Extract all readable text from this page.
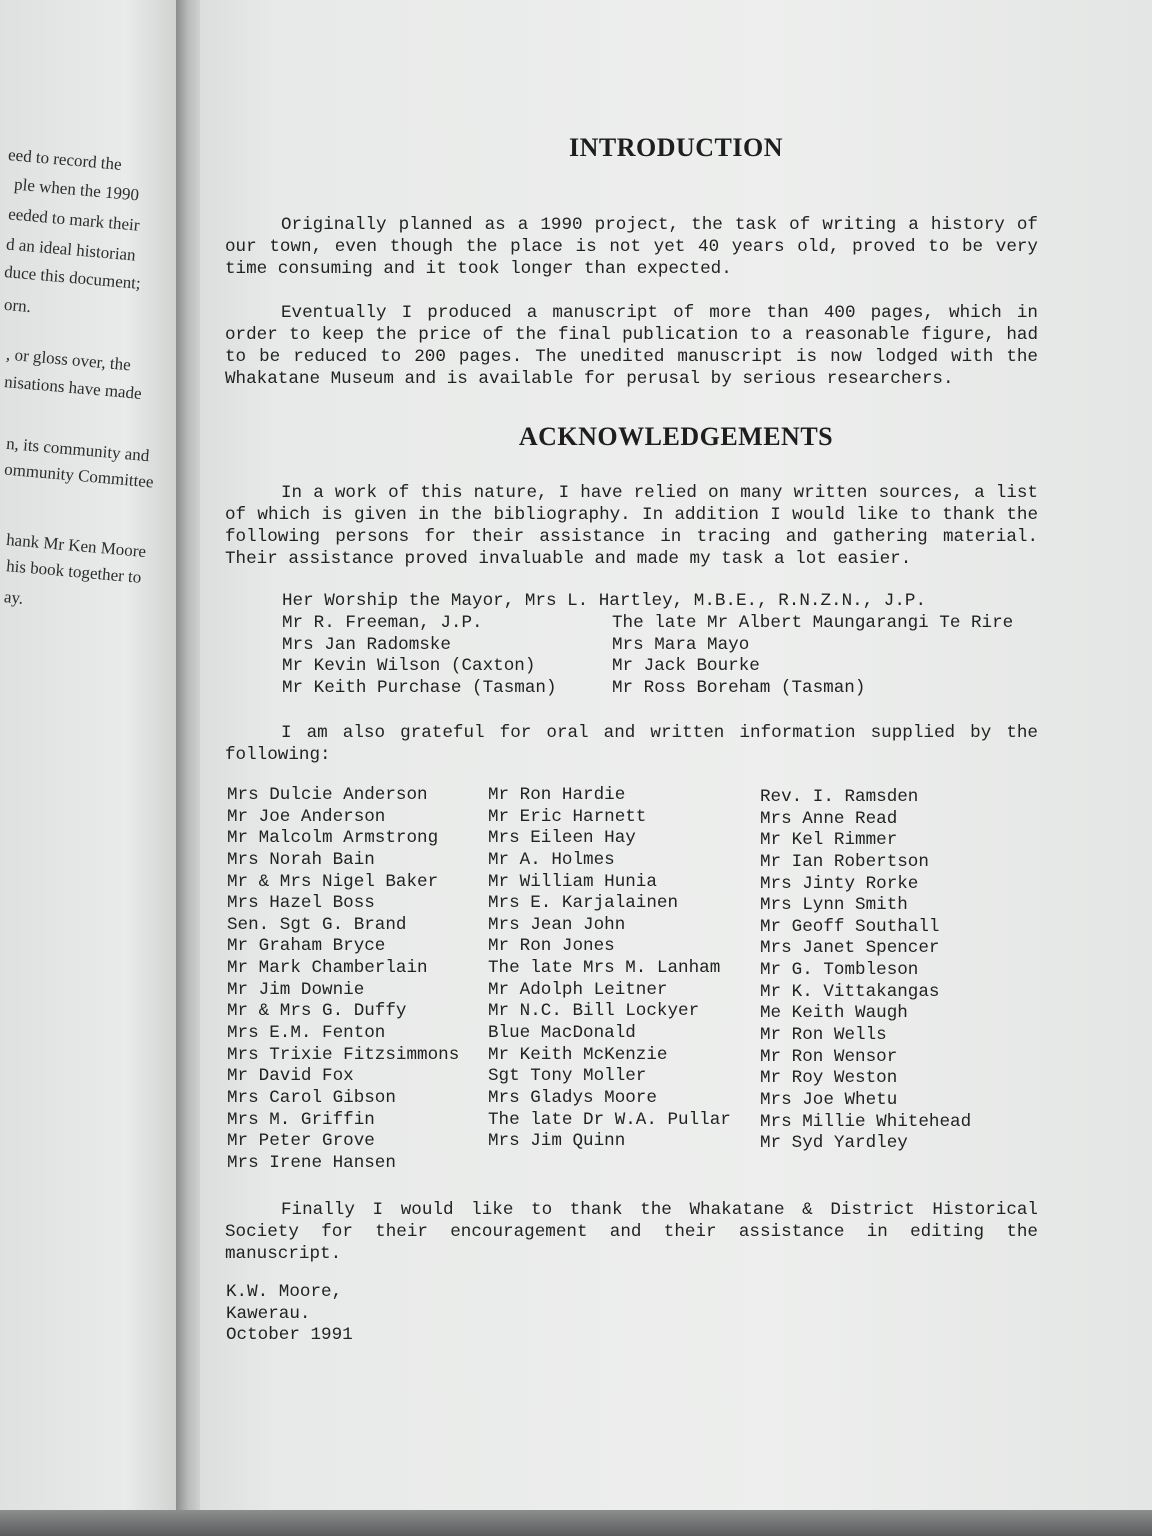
eed to record the
ple when the 1990
eeded to mark their
d an ideal historian
duce this document;
orn.
, or gloss over, the
nisations have made
n, its community and
ommunity Committee
hank Mr Ken Moore
his book together to
ay.
INTRODUCTION

Originally planned as a 1990 project, the task of writing a history of our town, even though the place is not yet 40 years old, proved to be very time consuming and it took longer than expected.

Eventually I produced a manuscript of more than 400 pages, which in order to keep the price of the final publication to a reasonable figure, had to be reduced to 200 pages. The unedited manuscript is now lodged with the Whakatane Museum and is available for perusal by serious researchers.

ACKNOWLEDGEMENTS

In a work of this nature, I have relied on many written sources, a list of which is given in the bibliography. In addition I would like to thank the following persons for their assistance in tracing and gathering material. Their assistance proved invaluable and made my task a lot easier.

Her Worship the Mayor, Mrs L. Hartley, M.B.E., R.N.Z.N., J.P.

Mr R. Freeman, J.P.
Mrs Jan Radomske
Mr Kevin Wilson (Caxton)
Mr Keith Purchase (Tasman)
The late Mr Albert Maungarangi Te Rire
Mrs Mara Mayo
Mr Jack Bourke
Mr Ross Boreham (Tasman)

I am also grateful for oral and written information supplied by the following:

Mrs Dulcie Anderson
Mr Joe Anderson
Mr Malcolm Armstrong
Mrs Norah Bain
Mr & Mrs Nigel Baker
Mrs Hazel Boss
Sen. Sgt G. Brand
Mr Graham Bryce
Mr Mark Chamberlain
Mr Jim Downie
Mr & Mrs G. Duffy
Mrs E.M. Fenton
Mrs Trixie Fitzsimmons
Mr David Fox
Mrs Carol Gibson
Mrs M. Griffin
Mr Peter Grove
Mrs Irene Hansen
Mr Ron Hardie
Mr Eric Harnett
Mrs Eileen Hay
Mr A. Holmes
Mr William Hunia
Mrs E. Karjalainen
Mrs Jean John
Mr Ron Jones
The late Mrs M. Lanham
Mr Adolph Leitner
Mr N.C. Bill Lockyer
Blue MacDonald
Mr Keith McKenzie
Sgt Tony Moller
Mrs Gladys Moore
The late Dr W.A. Pullar
Mrs Jim Quinn
Rev. I. Ramsden
Mrs Anne Read
Mr Kel Rimmer
Mr Ian Robertson
Mrs Jinty Rorke
Mrs Lynn Smith
Mr Geoff Southall
Mrs Janet Spencer
Mr G. Tombleson
Mr K. Vittakangas
Me Keith Waugh
Mr Ron Wells
Mr Ron Wensor
Mr Roy Weston
Mrs Joe Whetu
Mrs Millie Whitehead
Mr Syd Yardley

Finally I would like to thank the Whakatane & District Historical Society for their encouragement and their assistance in editing the manuscript.

K.W. Moore,
Kawerau.
October 1991
